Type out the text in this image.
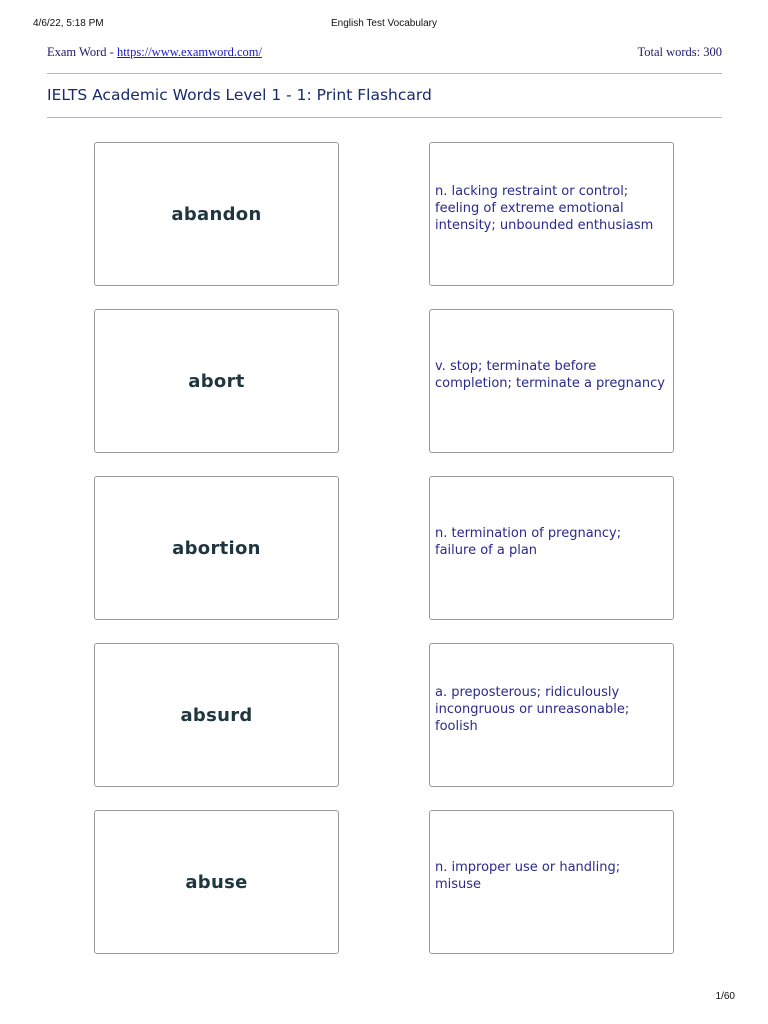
4/6/22, 5:18 PM	English Test Vocabulary
Exam Word - https://www.examword.com/	Total words: 300
IELTS Academic Words Level 1 - 1: Print Flashcard
abandon
n. lacking restraint or control; feeling of extreme emotional intensity; unbounded enthusiasm
abort
v. stop; terminate before completion; terminate a pregnancy
abortion
n. termination of pregnancy; failure of a plan
absurd
a. preposterous; ridiculously incongruous or unreasonable; foolish
abuse
n. improper use or handling; misuse
1/60
